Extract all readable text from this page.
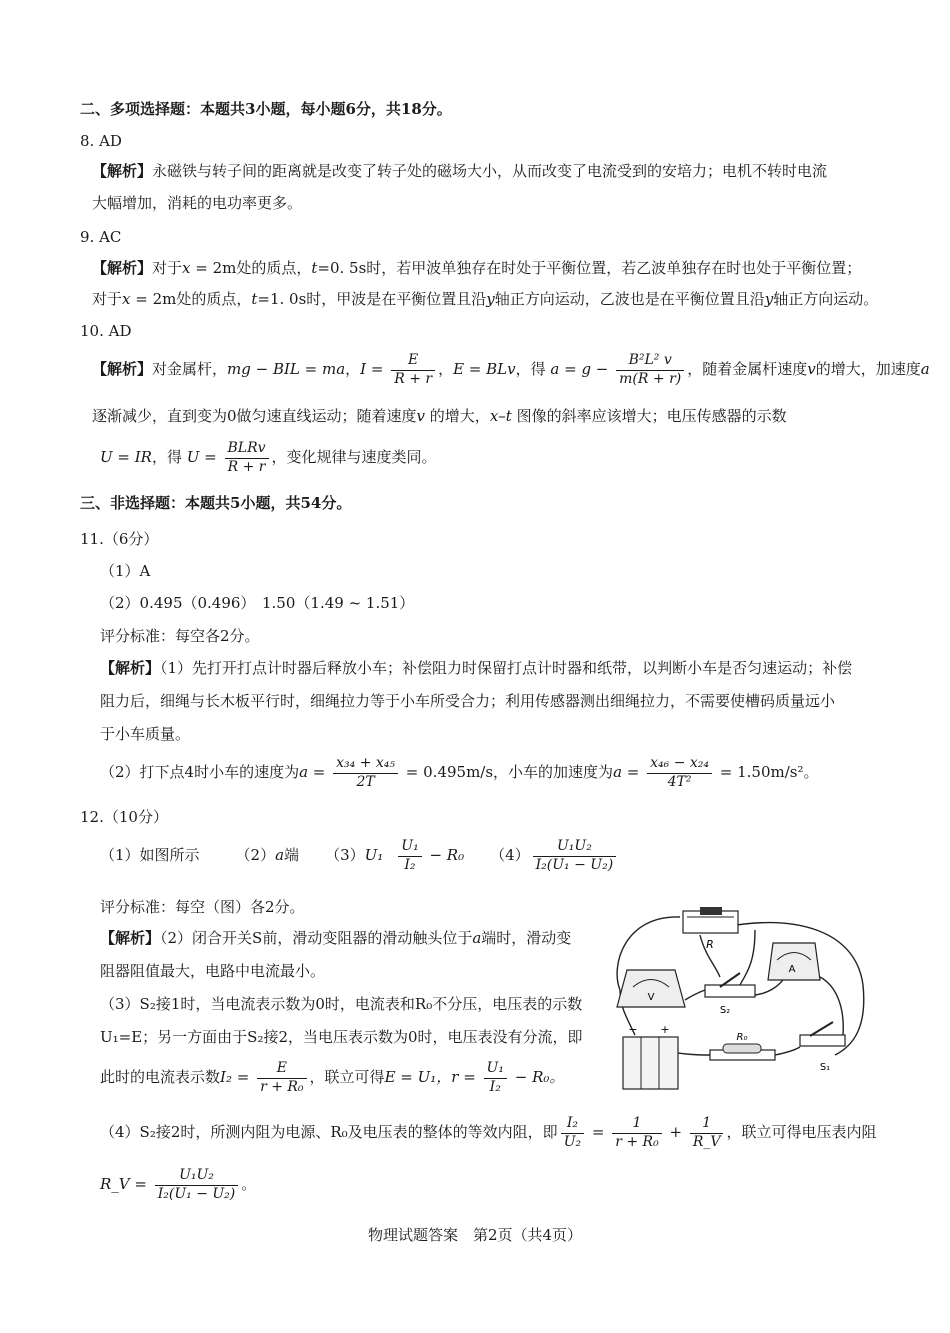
二、多项选择题：本题共3小题，每小题6分，共18分。
8. AD
【解析】永磁铁与转子间的距离就是改变了转子处的磁场大小，从而改变了电流受到的安培力；电机不转时电流
大幅增加，消耗的电功率更多。
9. AC
【解析】对于x = 2m处的质点，t=0. 5s时，若甲波单独存在时处于平衡位置，若乙波单独存在时也处于平衡位置；
对于x = 2m处的质点，t=1. 0s时，甲波是在平衡位置且沿y轴正方向运动，乙波也是在平衡位置且沿y轴正方向运动。
10. AD
【解析】对金属杆，mg − BIL = ma，$I = \frac{E}{R + r}$ ，E = BLv，得 $a = g - \frac{\text{B²L² v}}{m(R + r)}$ ，随着金属杆速度v的增大，加速度a
逐渐减少，直到变为0做匀速直线运动；随着速度v 的增大，x–t 图像的斜率应该增大；电压传感器的示数
U = IR，得 $U = \frac{\text{BLRv}}{R + r}$ ，变化规律与速度类同。
三、非选择题：本题共5小题，共54分。
11.（6分）
（1）A
（2）0.495（0.496） 1.50（1.49 ~ 1.51）
评分标准：每空各2分。
【解析】（1）先打开打点计时器后释放小车；补偿阻力时保留打点计时器和纸带，以判断小车是否匀速运动；补偿
阻力后，细绳与长木板平行时，细绳拉力等于小车所受合力；利用传感器测出细绳拉力，不需要使槽码质量远小
于小车质量。
（2）打下点4时小车的速度为$a = \frac{\text{x₃₄ + x₄₅}}{2T} = 0.495m/s$，小车的加速度为$a = \frac{\text{x₄₆ − x₂₄}}{\text{4T²}} = 1.50m/s^2$。
12.（10分）
（1）如图所示 （2）a端 $(3)U_1 \frac{\text{U₁}}{\text{I₂}} - R_0$ $(4) \frac{\text{U₁U₂}}{\text{I₂(U₁ − U₂)}}$
评分标准：每空（图）各2分。
【解析】（2）闭合开关S前，滑动变阻器的滑动触头位于a端时，滑动变
阻器阻值最大，电路中电流最小。
（3）S₂接1时，当电流表示数为0时，电流表和R₀不分压，电压表的示数
U₁=E；另一方面由于S₂接2，当电压表示数为0时，电压表没有分流，即
此时的电流表示数$I_2 = \frac{E}{\text{r + R₀}}$ ，联立可得E = U₁，$r = \frac{\text{U₁}}{\text{I₂}} - R_0$。
（4）S₂接2时，所测内阻为电源、R₀及电压表的整体的等效内阻，即 $\frac{\text{I₂}}{\text{U₂}} = \frac{1}{\text{r + R₀}} + \frac{1}{R\_V}$ ，联立可得电压表内阻
R_V = $\frac{\text{U₁U₂}}{\text{I₂(U₁ − U₂)}}$ 。
R
A
V
S₂
− +
R₀
S₁
物理试题答案　第2页（共4页）
